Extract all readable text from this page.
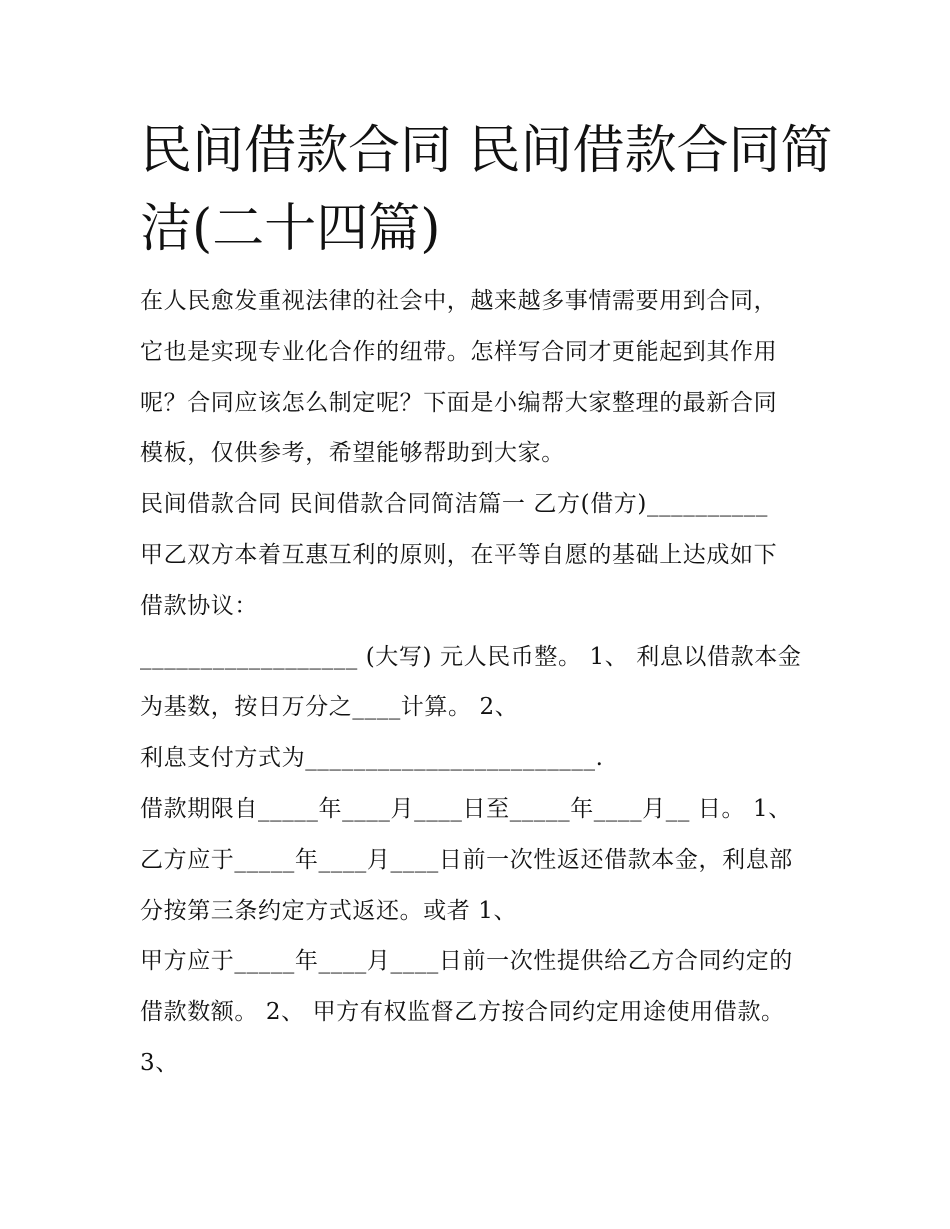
民间借款合同 民间借款合同简
洁(二十四篇)
在人民愈发重视法律的社会中，越来越多事情需要用到合同，
它也是实现专业化合作的纽带。怎样写合同才更能起到其作用
呢？合同应该怎么制定呢？下面是小编帮大家整理的最新合同
模板，仅供参考，希望能够帮助到大家。
民间借款合同 民间借款合同简洁篇一 乙方(借方)__________
甲乙双方本着互惠互利的原则，在平等自愿的基础上达成如下
借款协议：
__________________ (大写) 元人民币整。 1、 利息以借款本金
为基数，按日万分之____计算。 2、
利息支付方式为________________________.
借款期限自_____年____月____日至_____年____月__ 日。 1、
乙方应于_____年____月____日前一次性返还借款本金，利息部
分按第三条约定方式返还。或者 1、
甲方应于_____年____月____日前一次性提供给乙方合同约定的
借款数额。 2、 甲方有权监督乙方按合同约定用途使用借款。
3、
